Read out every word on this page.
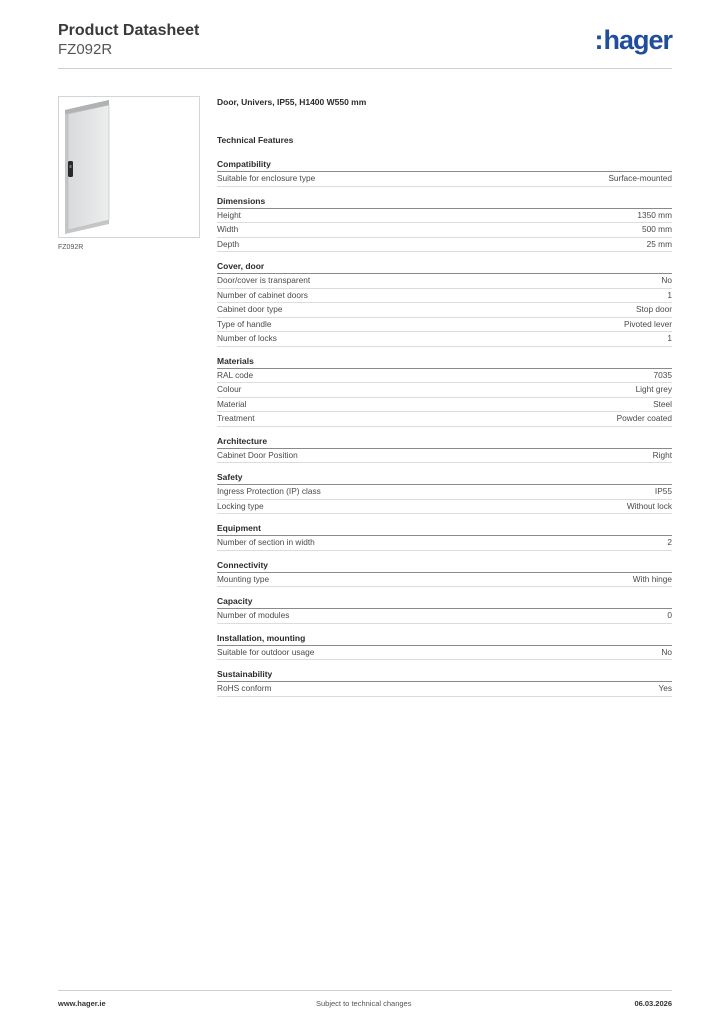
Product Datasheet
FZ092R	:hager
FZ092R
Door, Univers, IP55, H1400 W550 mm
Technical Features
Compatibility
Suitable for enclosure type	Surface-mounted
Dimensions
Height	1350 mm
Width	500 mm
Depth	25 mm
Cover, door
Door/cover is transparent	No
Number of cabinet doors	1
Cabinet door type	Stop door
Type of handle	Pivoted lever
Number of locks	1
Materials
RAL code	7035
Colour	Light grey
Material	Steel
Treatment	Powder coated
Architecture
Cabinet Door Position	Right
Safety
Ingress Protection (IP) class	IP55
Locking type	Without lock
Equipment
Number of section in width	2
Connectivity
Mounting type	With hinge
Capacity
Number of modules	0
Installation, mounting
Suitable for outdoor usage	No
Sustainability
RoHS conform	Yes
www.hager.ie	Subject to technical changes	06.03.2026
